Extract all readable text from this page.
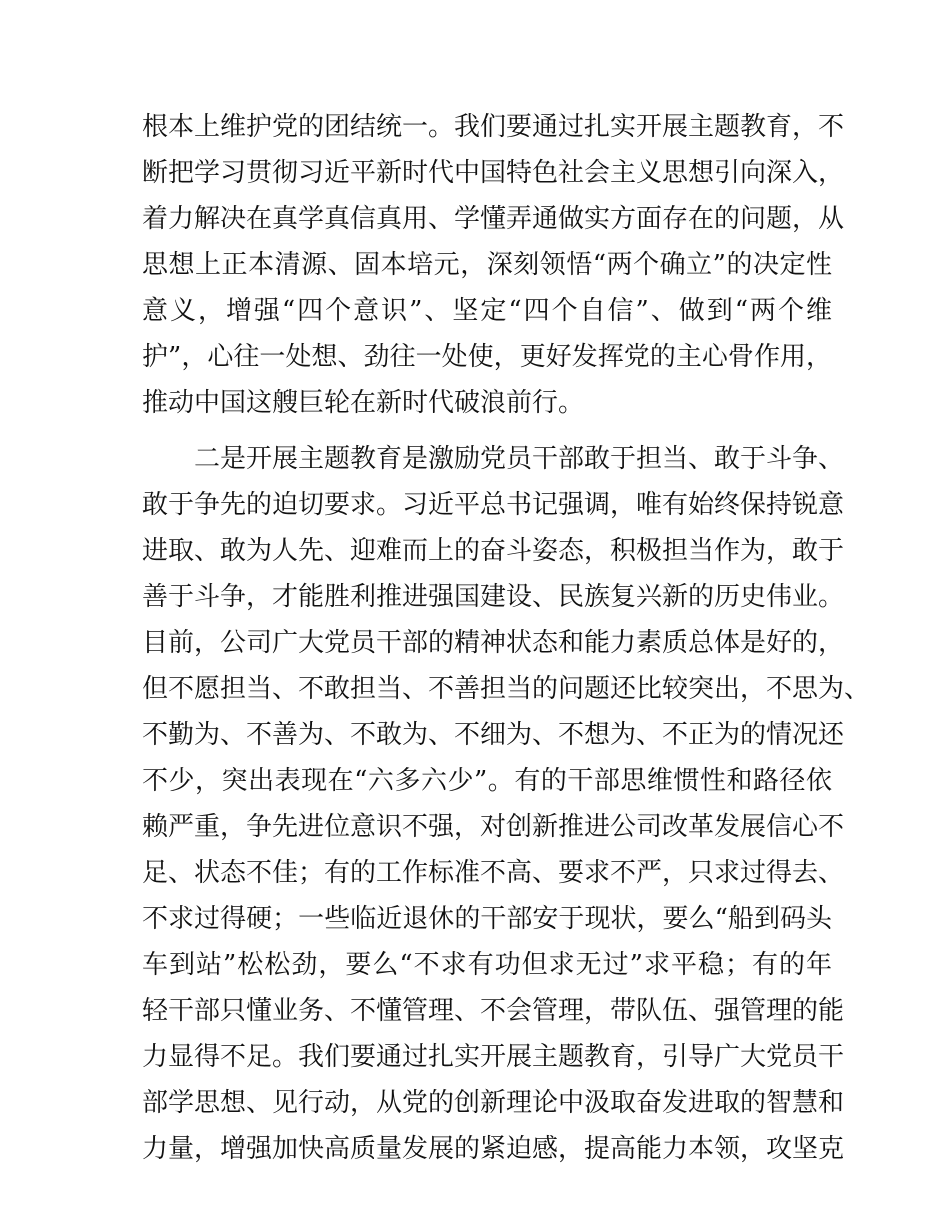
根本上维护党的团结统一。我们要通过扎实开展主题教育，不
断把学习贯彻习近平新时代中国特色社会主义思想引向深入，
着力解决在真学真信真用、学懂弄通做实方面存在的问题，从
思想上正本清源、固本培元，深刻领悟“两个确立”的决定性
意义，增强“四个意识”、坚定“四个自信”、做到“两个维
护”，心往一处想、劲往一处使，更好发挥党的主心骨作用，
推动中国这艘巨轮在新时代破浪前行。
二是开展主题教育是激励党员干部敢于担当、敢于斗争、
敢于争先的迫切要求。习近平总书记强调，唯有始终保持锐意
进取、敢为人先、迎难而上的奋斗姿态，积极担当作为，敢于
善于斗争，才能胜利推进强国建设、民族复兴新的历史伟业。
目前，公司广大党员干部的精神状态和能力素质总体是好的，
但不愿担当、不敢担当、不善担当的问题还比较突出，不思为、
不勤为、不善为、不敢为、不细为、不想为、不正为的情况还
不少，突出表现在“六多六少”。有的干部思维惯性和路径依
赖严重，争先进位意识不强，对创新推进公司改革发展信心不
足、状态不佳；有的工作标准不高、要求不严，只求过得去、
不求过得硬；一些临近退休的干部安于现状，要么“船到码头
车到站”松松劲，要么“不求有功但求无过”求平稳；有的年
轻干部只懂业务、不懂管理、不会管理，带队伍、强管理的能
力显得不足。我们要通过扎实开展主题教育，引导广大党员干
部学思想、见行动，从党的创新理论中汲取奋发进取的智慧和
力量，增强加快高质量发展的紧迫感，提高能力本领，攻坚克
